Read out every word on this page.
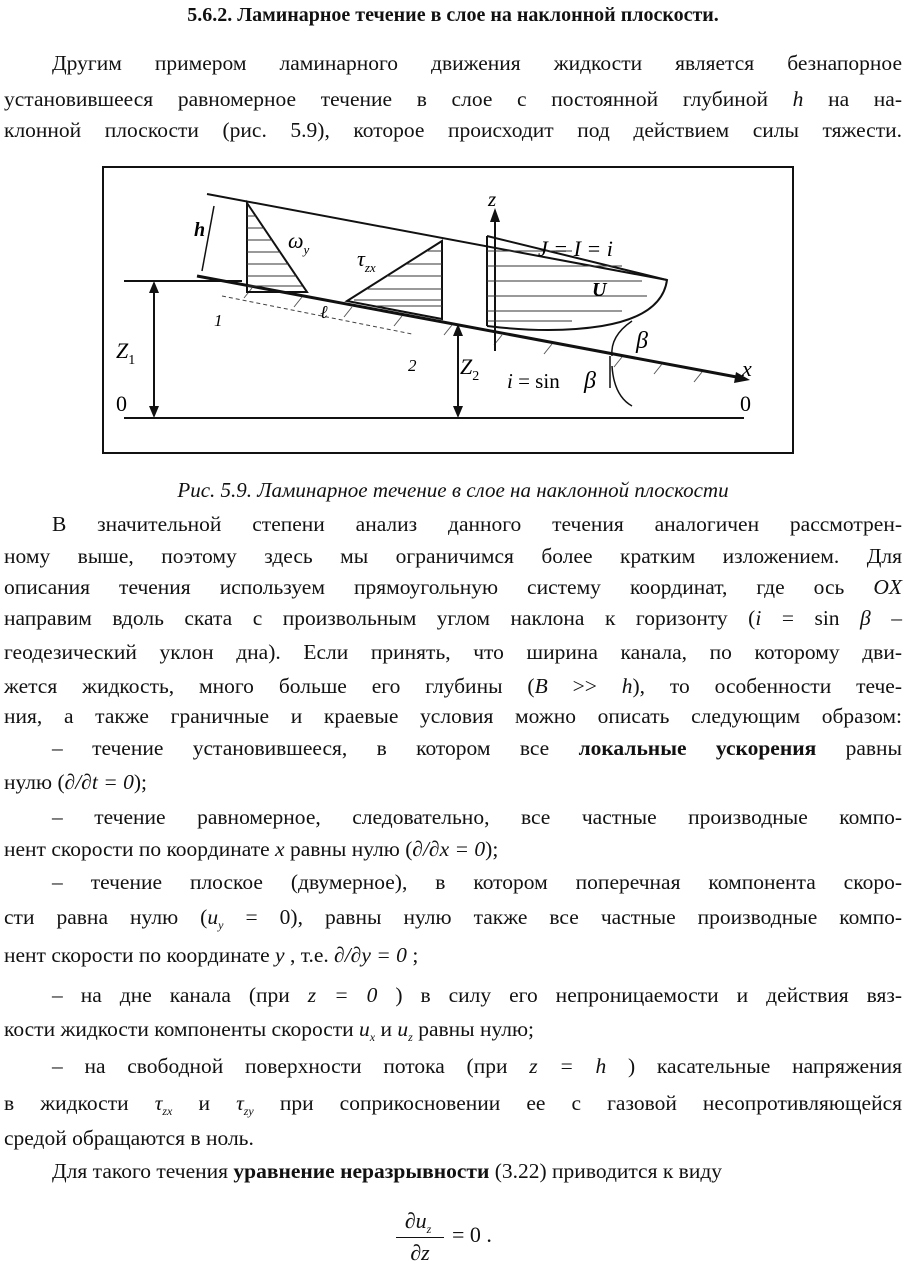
5.6.2. Ламинарное течение в слое на наклонной плоскости.
Другим примером ламинарного движения жидкости является безнапорное
установившееся равномерное течение в слое с постоянной глубиной h на на-
клонной плоскости (рис. 5.9), которое происходит под действием силы тяжести.
h	$\omega_y$ $\tau_{zx}$
z
J = I = i
U
1	ℓ
2
$Z_1$
0	0
$Z_2$	x
β
i = sin β
Рис. 5.9. Ламинарное течение в слое на наклонной плоскости
В значительной степени анализ данного течения аналогичен рассмотрен-
ному выше, поэтому здесь мы ограничимся более кратким изложением. Для
описания течения используем прямоугольную систему координат, где ось OX
направим вдоль ската с произвольным углом наклона к горизонту (i = sin β –
геодезический уклон дна). Если принять, что ширина канала, по которому дви-
жется жидкость, много больше его глубины (B >> h), то особенности тече-
ния, а также граничные и краевые условия можно описать следующим образом:
– течение установившееся, в котором все локальные ускорения равны
нулю (∂/∂t = 0);
– течение равномерное, следовательно, все частные производные компо-
нент скорости по координате x равны нулю (∂/∂x = 0);
– течение плоское (двумерное), в котором поперечная компонента скоро-
сти равна нулю $(u_y = 0)$, равны нулю также все частные производные компо-
нент скорости по координате y , т.е. ∂/∂y = 0 ;
– на дне канала (при z = 0 ) в силу его непроницаемости и действия вяз-
кости жидкости компоненты скорости $u_x$ и $u_z$ равны нулю;
– на свободной поверхности потока (при z = h ) касательные напряжения
в жидкости $\tau_{zx}$ и $\tau_{zy}$ при соприкосновении ее с газовой несопротивляющейся
средой обращаются в ноль.
Для такого течения уравнение неразрывности (3.22) приводится к виду
$\partial u_z$
∂z
= 0 .
